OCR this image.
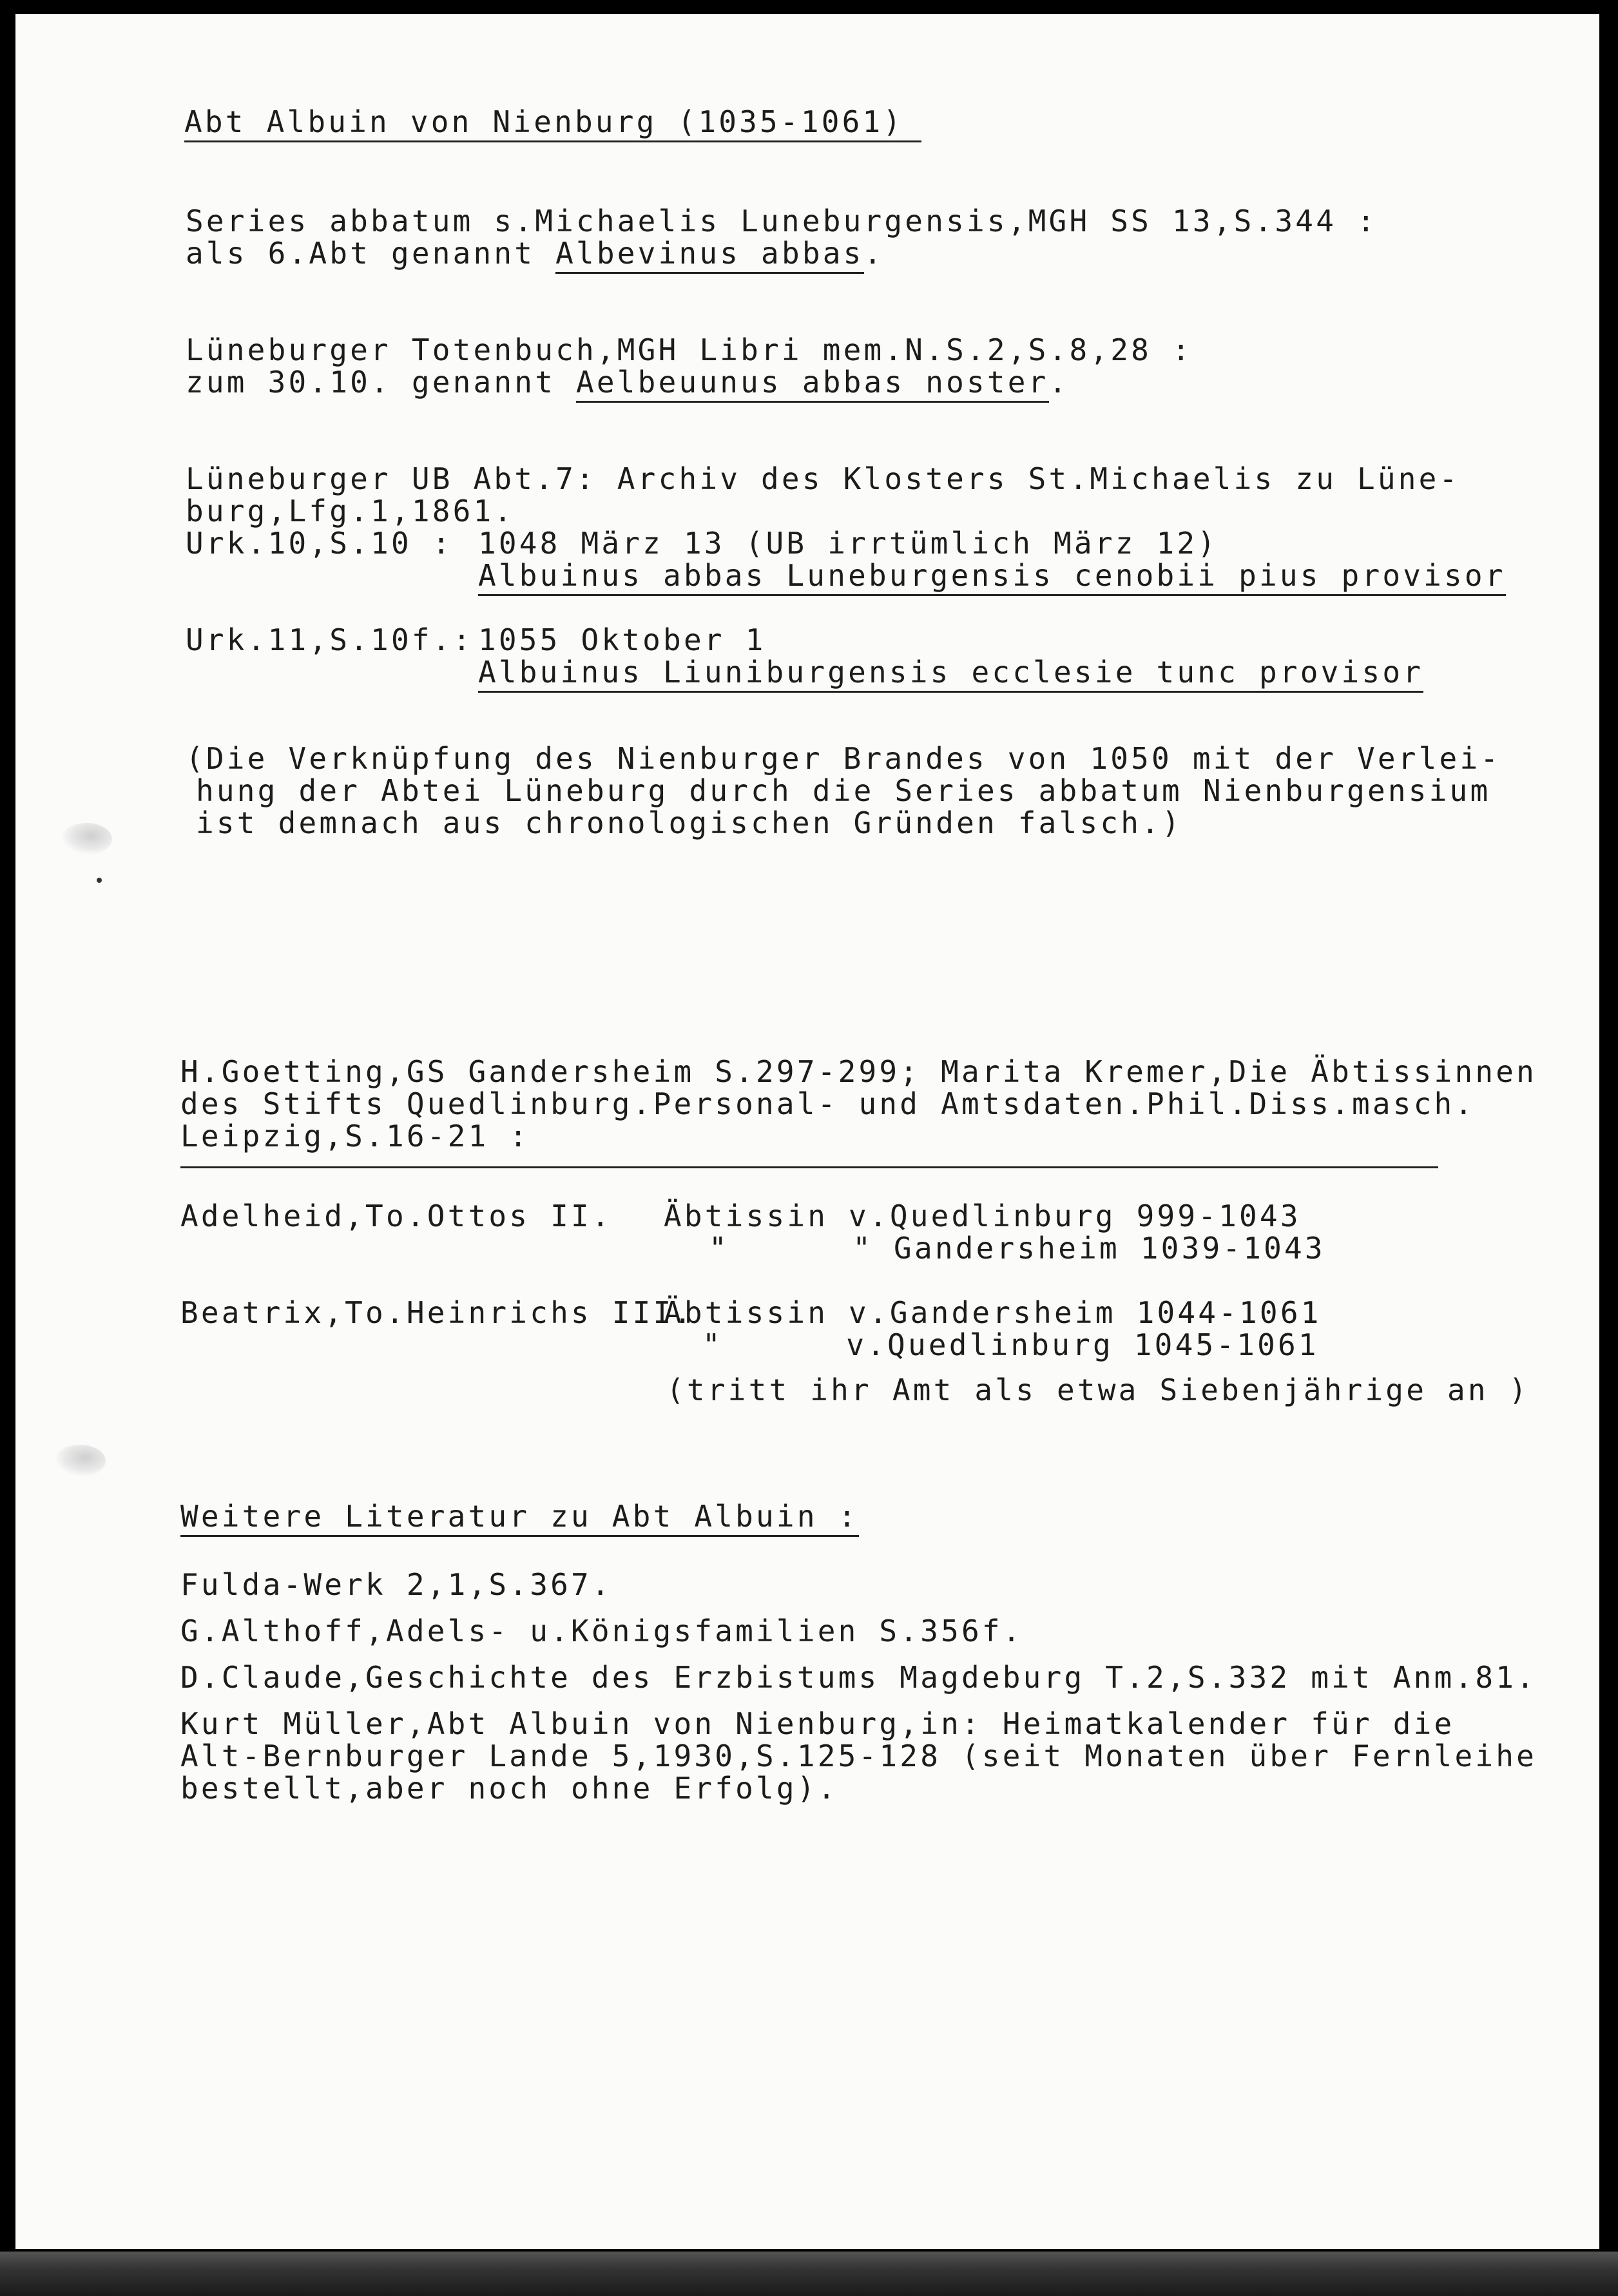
Abt Albuin von Nienburg (1035-1061)
Series abbatum s.Michaelis Luneburgensis,MGH SS 13,S.344 :
als 6.Abt genannt Albevinus abbas.
Lüneburger Totenbuch,MGH Libri mem.N.S.2,S.8,28 :
zum 30.10. genannt Aelbeuunus abbas noster.
Lüneburger UB Abt.7: Archiv des Klosters St.Michaelis zu Lüne-
burg,Lfg.1,1861.
Urk.10,S.10 : 1048 März 13 (UB irrtümlich März 12)
Albuinus abbas Luneburgensis cenobii pius provisor
Urk.11,S.10f.: 1055 Oktober 1
Albuinus Liuniburgensis ecclesie tunc provisor
(Die Verknüpfung des Nienburger Brandes von 1050 mit der Verlei-
hung der Abtei Lüneburg durch die Series abbatum Nienburgensium
ist demnach aus chronologischen Gründen falsch.)
H.Goetting,GS Gandersheim S.297-299; Marita Kremer,Die Äbtissinnen
des Stifts Quedlinburg.Personal- und Amtsdaten.Phil.Diss.masch.
Leipzig,S.16-21 :
Adelheid,To.Ottos II. Äbtissin v.Quedlinburg 999-1043
"      " Gandersheim 1039-1043
Beatrix,To.Heinrichs III.
Äbtissin v.Gandersheim 1044-1061
"      v.Quedlinburg 1045-1061
(tritt ihr Amt als etwa Siebenjährige an )
Weitere Literatur zu Abt Albuin :
Fulda-Werk 2,1,S.367.
G.Althoff,Adels- u.Königsfamilien S.356f.
D.Claude,Geschichte des Erzbistums Magdeburg T.2,S.332 mit Anm.81.
Kurt Müller,Abt Albuin von Nienburg,in: Heimatkalender für die
Alt-Bernburger Lande 5,1930,S.125-128 (seit Monaten über Fernleihe
bestellt,aber noch ohne Erfolg).
